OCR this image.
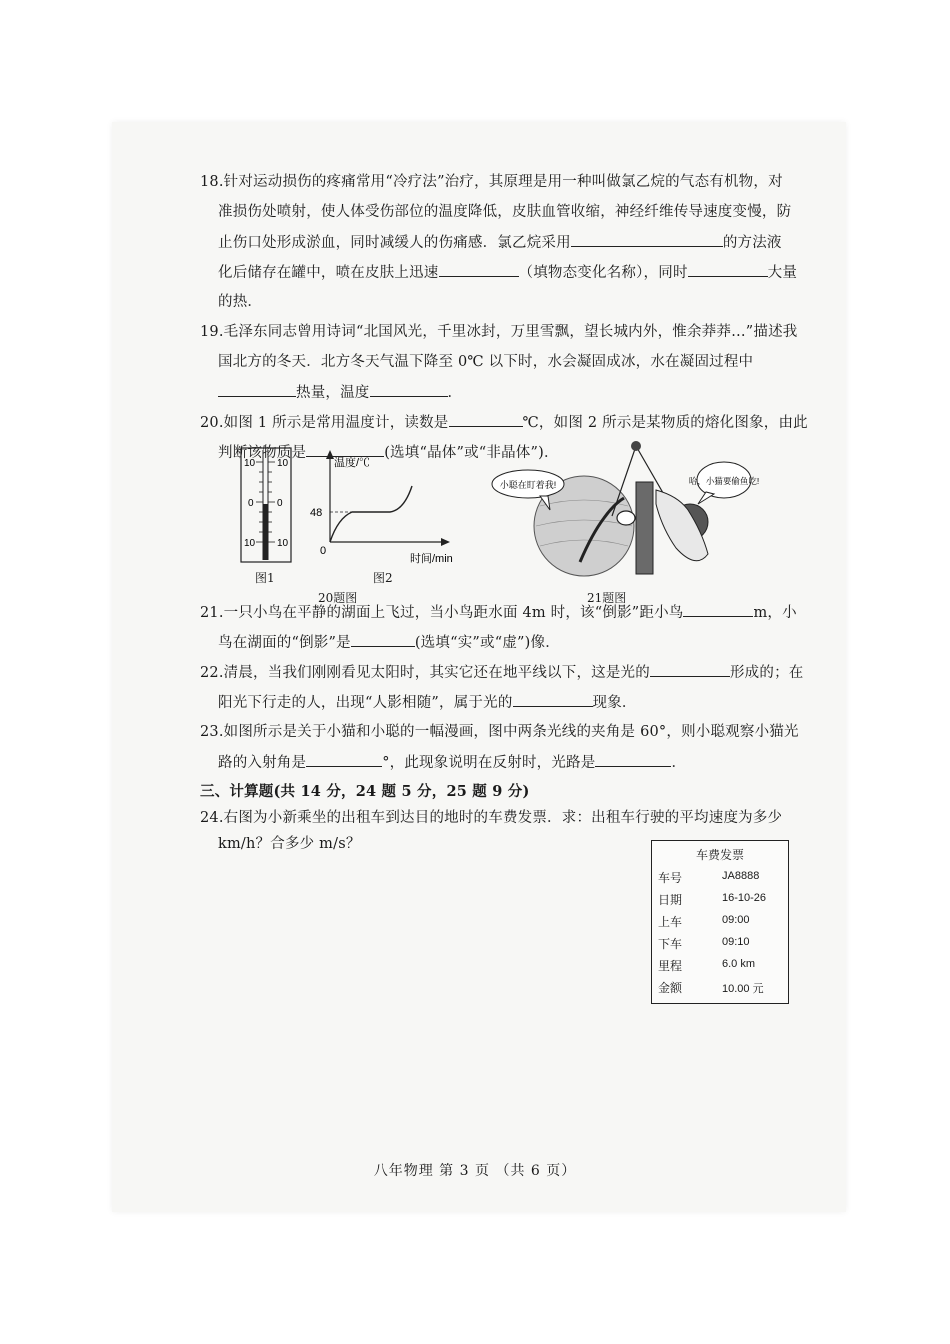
18.针对运动损伤的疼痛常用“冷疗法”治疗，其原理是用一种叫做氯乙烷的气态有机物，对
准损伤处喷射，使人体受伤部位的温度降低，皮肤血管收缩，神经纤维传导速度变慢，防
止伤口处形成淤血，同时减缓人的伤痛感．氯乙烷采用	的方法液
化后储存在罐中，喷在皮肤上迅速	（填物态变化名称），同时	大量
的热．
19.毛泽东同志曾用诗词“北国风光，千里冰封，万里雪飘，望长城内外，惟余莽莽…”描述我
国北方的冬天．北方冬天气温下降至 0℃ 以下时，水会凝固成冰，水在凝固过程中
热量，温度	．
20.如图 1 所示是常用温度计，读数是	℃，如图 2 所示是某物质的熔化图象，由此
判断该物质是	(选填“晶体”或“非晶体”)．
10 10
0 0
10 10
图1
温度/℃
48
0
时间/min
图2
20题图
小聪在盯着我!	哈，小猫要偷鱼吃!
21题图
21.一只小鸟在平静的湖面上飞过，当小鸟距水面 4m 时，该“倒影”距小鸟	m，小
鸟在湖面的“倒影”是	(选填“实”或“虚”)像．
22.清晨，当我们刚刚看见太阳时，其实它还在地平线以下，这是光的	形成的；在
阳光下行走的人，出现“人影相随”，属于光的	现象．
23.如图所示是关于小猫和小聪的一幅漫画，图中两条光线的夹角是 60°，则小聪观察小猫光
路的入射角是	°，此现象说明在反射时，光路是	．
三、计算题(共 14 分，24 题 5 分，25 题 9 分)
24.右图为小新乘坐的出租车到达目的地时的车费发票．求：出租车行驶的平均速度为多少
km/h？合多少 m/s？
车费发票
车号	JA8888
日期	16-10-26
上车	09:00
下车	09:10
里程	6.0 km
金额	10.00 元
八年物理 第 3 页 （共 6 页）
